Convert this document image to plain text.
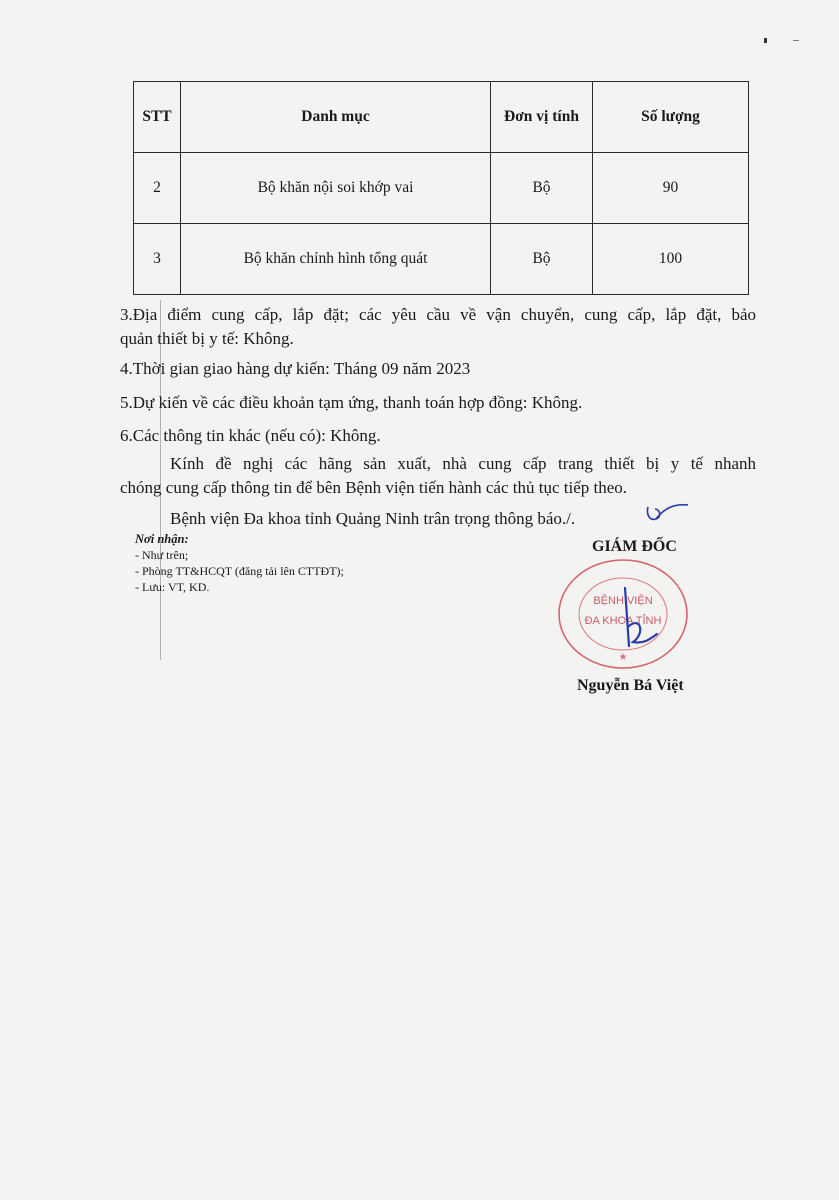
STT	Danh mục	Đơn vị tính	Số lượng
2	Bộ khăn nội soi khớp vai	Bộ	90
3	Bộ khăn chỉnh hình tổng quát	Bộ	100
3.Địa điểm cung cấp, lắp đặt; các yêu cầu về vận chuyển, cung cấp, lắp đặt, bảo
quản thiết bị y tế: Không.
4.Thời gian giao hàng dự kiến: Tháng 09 năm 2023
5.Dự kiến về các điều khoản tạm ứng, thanh toán hợp đồng: Không.
6.Các thông tin khác (nếu có): Không.
Kính đề nghị các hãng sản xuất, nhà cung cấp trang thiết bị y tế nhanh
chóng cung cấp thông tin để bên Bệnh viện tiến hành các thủ tục tiếp theo.
Bệnh viện Đa khoa tỉnh Quảng Ninh trân trọng thông báo./.
Nơi nhận:
- Như trên;
- Phòng TT&HCQT (đăng tải lên CTTĐT);
- Lưu: VT, KD.
GIÁM ĐỐC
BỆNH VIỆN
ĐA KHOA TỈNH
★
Nguyễn Bá Việt
